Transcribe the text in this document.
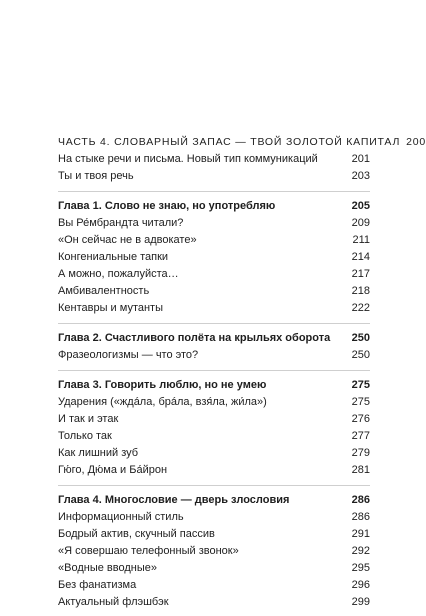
ЧАСТЬ 4. СЛОВАРНЫЙ ЗАПАС — ТВОЙ ЗОЛОТОЙ КАПИТАЛ 200
На стыке речи и письма. Новый тип коммуникаций	201
Ты и твоя речь	203
Глава 1. Слово не знаю, но употребляю	205
Вы Ре́мбрандта читали?	209
«Он сейчас не в адвокате»	211
Конгениальные тапки	214
А можно, пожалуйста…	217
Амбивалентность	218
Кентавры и мутанты	222
Глава 2. Счастливого полёта на крыльях оборота	250
Фразеологизмы — что это?	250
Глава 3. Говорить люблю, но не умею	275
Ударения («ждáла, брáла, взя́ла, жи́ла»)	275
И так и этак	276
Только так	277
Как лишний зуб	279
Гю́го, Дю́ма и Ба́йрон	281
Глава 4. Многословие — дверь злословия	286
Информационный стиль	286
Бодрый актив, скучный пассив	291
«Я совершаю телефонный звонок»	292
«Водные вводные»	295
Без фанатизма	296
Актуальный флэшбэк	299
